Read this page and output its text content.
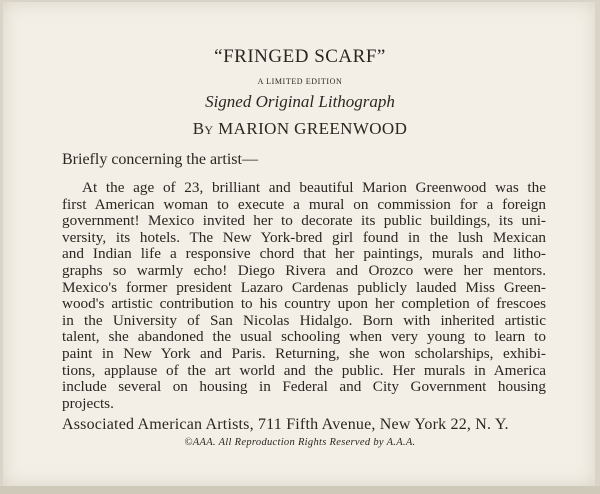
“FRINGED SCARF”
A LIMITED EDITION
Signed Original Lithograph
By MARION GREENWOOD
Briefly concerning the artist—
At the age of 23, brilliant and beautiful Marion Greenwood was the
first American woman to execute a mural on commission for a foreign
government! Mexico invited her to decorate its public buildings, its uni-
versity, its hotels. The New York-bred girl found in the lush Mexican
and Indian life a responsive chord that her paintings, murals and litho-
graphs so warmly echo! Diego Rivera and Orozco were her mentors.
Mexico's former president Lazaro Cardenas publicly lauded Miss Green-
wood's artistic contribution to his country upon her completion of frescoes
in the University of San Nicolas Hidalgo. Born with inherited artistic
talent, she abandoned the usual schooling when very young to learn to
paint in New York and Paris. Returning, she won scholarships, exhibi-
tions, applause of the art world and the public. Her murals in America
include several on housing in Federal and City Government housing
projects.
Associated American Artists, 711 Fifth Avenue, New York 22, N. Y.
©AAA. All Reproduction Rights Reserved by A.A.A.
